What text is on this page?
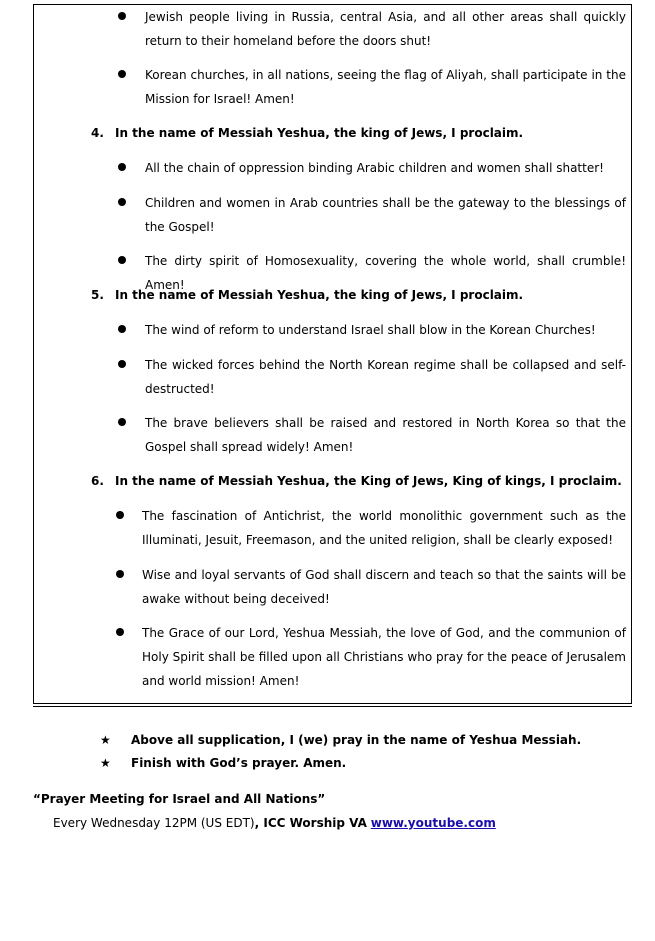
Jewish people living in Russia, central Asia, and all other areas shall quickly return to their homeland before the doors shut!
Korean churches, in all nations, seeing the flag of Aliyah, shall participate in the Mission for Israel! Amen!
4. In the name of Messiah Yeshua, the king of Jews, I proclaim.
All the chain of oppression binding Arabic children and women shall shatter!
Children and women in Arab countries shall be the gateway to the blessings of the Gospel!
The dirty spirit of Homosexuality, covering the whole world, shall crumble! Amen!
5. In the name of Messiah Yeshua, the king of Jews, I proclaim.
The wind of reform to understand Israel shall blow in the Korean Churches!
The wicked forces behind the North Korean regime shall be collapsed and self-destructed!
The brave believers shall be raised and restored in North Korea so that the Gospel shall spread widely! Amen!
6. In the name of Messiah Yeshua, the King of Jews, King of kings, I proclaim.
The fascination of Antichrist, the world monolithic government such as the Illuminati, Jesuit, Freemason, and the united religion, shall be clearly exposed!
Wise and loyal servants of God shall discern and teach so that the saints will be awake without being deceived!
The Grace of our Lord, Yeshua Messiah, the love of God, and the communion of Holy Spirit shall be filled upon all Christians who pray for the peace of Jerusalem and world mission! Amen!
★ Above all supplication, I (we) pray in the name of Yeshua Messiah.
★ Finish with God’s prayer. Amen.
“Prayer Meeting for Israel and All Nations”
Every Wednesday 12PM (US EDT), ICC Worship VA www.youtube.com
